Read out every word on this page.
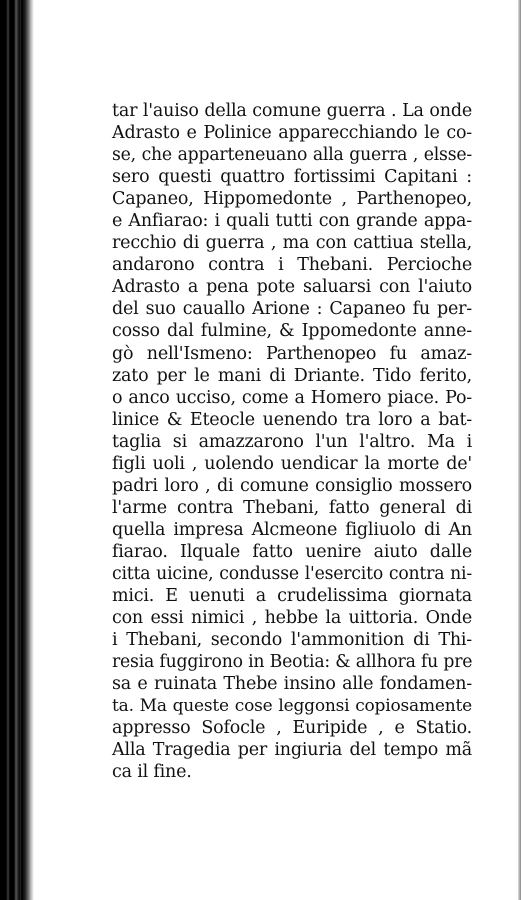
tar l'auiso della comune guerra . La onde
Adrasto e Polinice apparecchiando le co-
se, che apparteneuano alla guerra , elsse-
sero questi quattro fortissimi Capitani :
Capaneo, Hippomedonte , Parthenopeo,
e Anfiarao: i quali tutti con grande appa-
recchio di guerra , ma con cattiua stella,
andarono contra i Thebani. Percioche
Adrasto a pena pote saluarsi con l'aiuto
del suo cauallo Arione : Capaneo fu per-
cosso dal fulmine, & Ippomedonte anne-
gò nell'Ismeno: Parthenopeo fu amaz-
zato per le mani di Driante. Tido ferito,
o anco ucciso, come a Homero piace. Po-
linice & Eteocle uenendo tra loro a bat-
taglia si amazzarono l'un l'altro. Ma i
figli uoli , uolendo uendicar la morte de'
padri loro , di comune consiglio mossero
l'arme contra Thebani, fatto general di
quella impresa Alcmeone figliuolo di An
fiarao. Ilquale fatto uenire aiuto dalle
citta uicine, condusse l'esercito contra ni-
mici. E uenuti a crudelissima giornata
con essi nimici , hebbe la uittoria. Onde
i Thebani, secondo l'ammonition di Thi-
resia fuggirono in Beotia: & allhora fu pre
sa e ruinata Thebe insino alle fondamen-
ta. Ma queste cose leggonsi copiosamente
appresso Sofocle , Euripide , e Statio.
Alla Tragedia per ingiuria del tempo mã
ca il fine.
